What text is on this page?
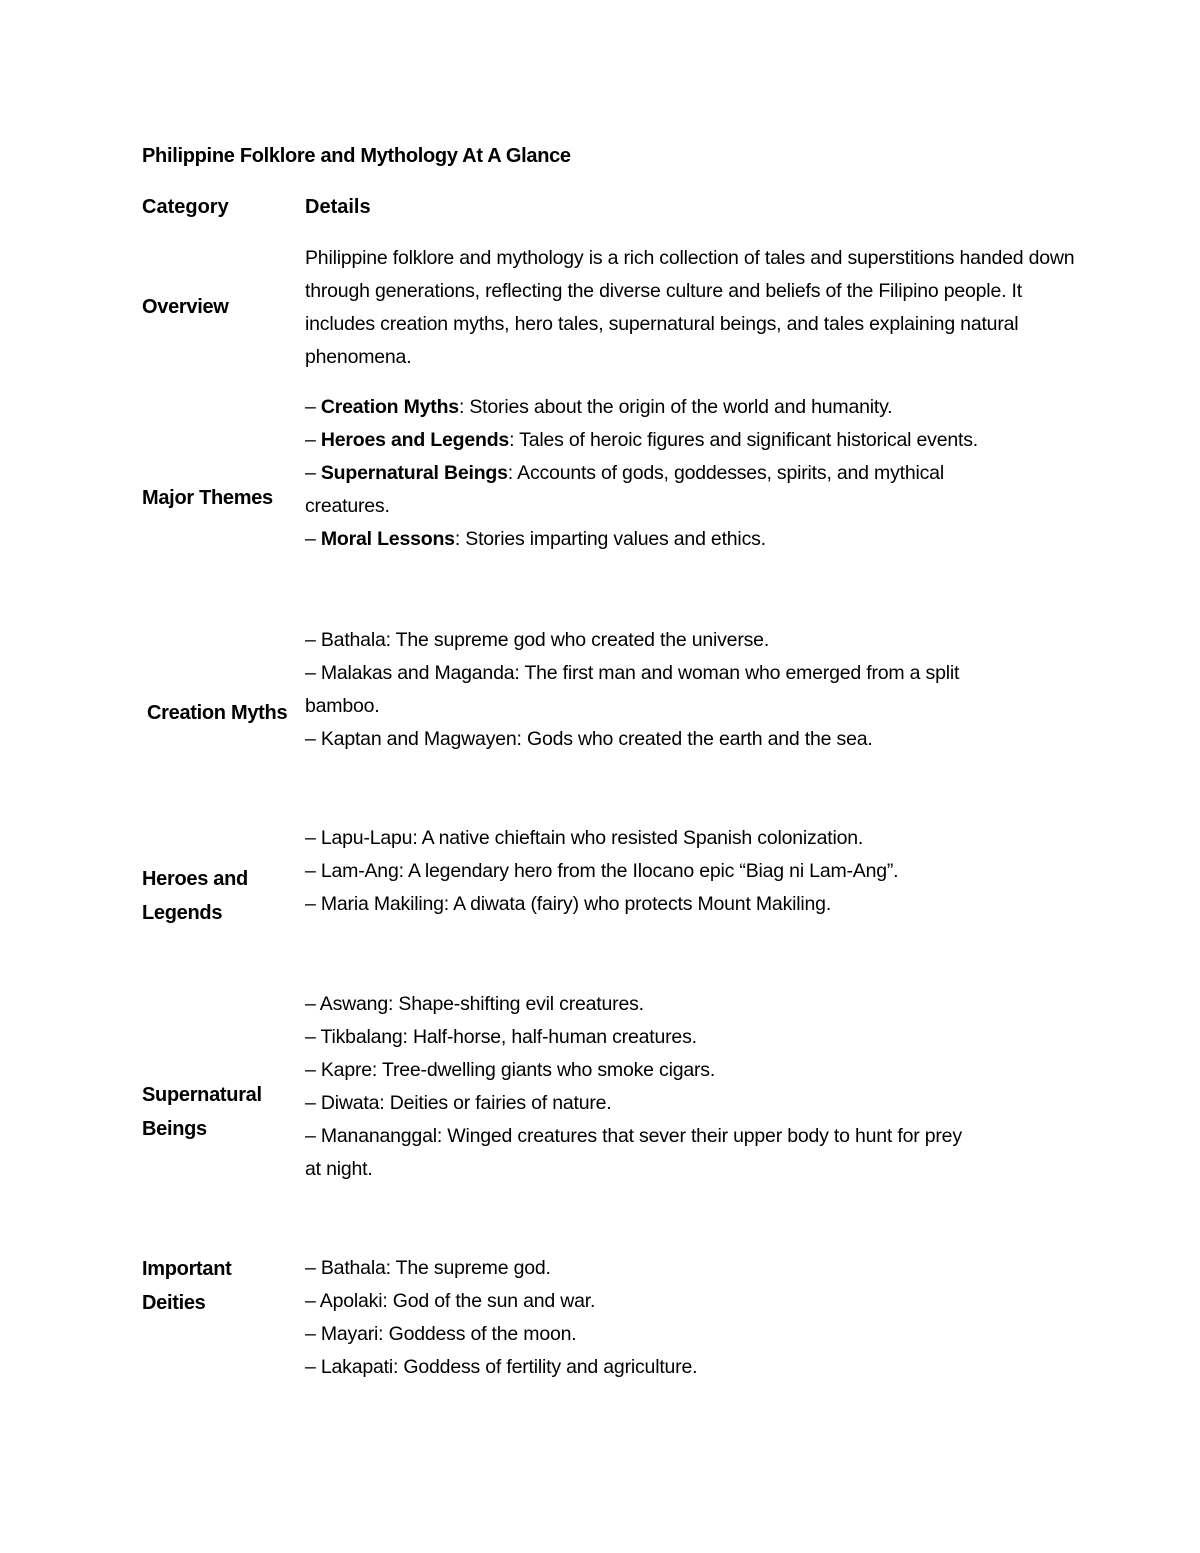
Philippine Folklore and Mythology At A Glance
Category	Details
Overview
Philippine folklore and mythology is a rich collection of tales and superstitions handed down through generations, reflecting the diverse culture and beliefs of the Filipino people. It includes creation myths, hero tales, supernatural beings, and tales explaining natural phenomena.
Major Themes
– Creation Myths: Stories about the origin of the world and humanity.
– Heroes and Legends: Tales of heroic figures and significant historical events.
– Supernatural Beings: Accounts of gods, goddesses, spirits, and mythical
creatures.
– Moral Lessons: Stories imparting values and ethics.
Creation Myths
– Bathala: The supreme god who created the universe.
– Malakas and Maganda: The first man and woman who emerged from a split
bamboo.
– Kaptan and Magwayen: Gods who created the earth and the sea.
Heroes and
Legends
– Lapu-Lapu: A native chieftain who resisted Spanish colonization.
– Lam-Ang: A legendary hero from the Ilocano epic “Biag ni Lam-Ang”.
– Maria Makiling: A diwata (fairy) who protects Mount Makiling.
Supernatural
Beings
– Aswang: Shape-shifting evil creatures.
– Tikbalang: Half-horse, half-human creatures.
– Kapre: Tree-dwelling giants who smoke cigars.
– Diwata: Deities or fairies of nature.
– Manananggal: Winged creatures that sever their upper body to hunt for prey
at night.
Important
Deities
– Bathala: The supreme god.
– Apolaki: God of the sun and war.
– Mayari: Goddess of the moon.
– Lakapati: Goddess of fertility and agriculture.
